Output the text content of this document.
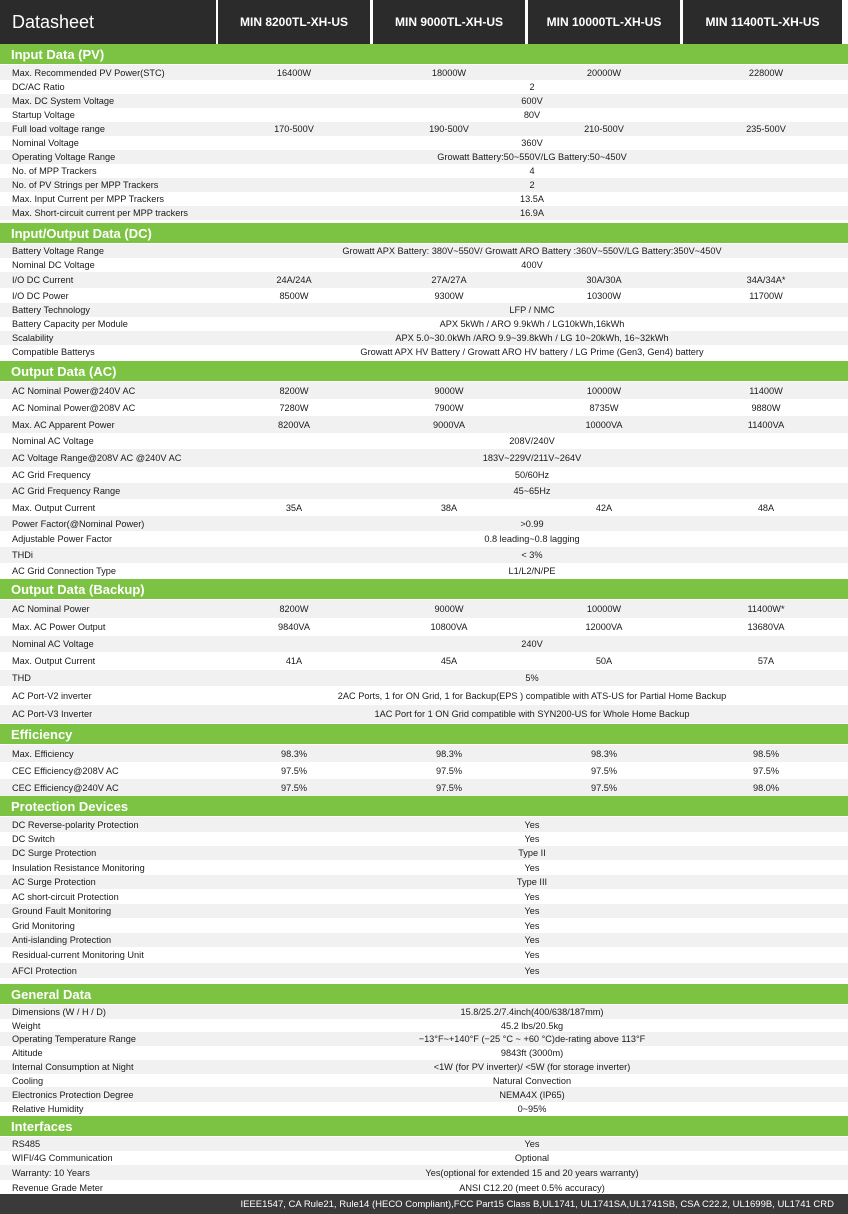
Datasheet	MIN 8200TL-XH-US	MIN 9000TL-XH-US	MIN 10000TL-XH-US	MIN 11400TL-XH-US
Input Data (PV)
Max. Recommended PV Power(STC)	16400W	18000W	20000W	22800W
DC/AC Ratio	2
Max. DC System Voltage	600V
Startup Voltage	80V
Full load voltage range	170-500V	190-500V	210-500V	235-500V
Nominal Voltage	360V
Operating Voltage Range	Growatt Battery:50~550V/LG Battery:50~450V
No. of MPP Trackers	4
No. of PV Strings per MPP Trackers	2
Max. Input Current per MPP Trackers	13.5A
Max. Short-circuit current per MPP trackers	16.9A
Input/Output Data (DC)
Battery Voltage Range	Growatt APX Battery: 380V~550V/ Growatt ARO Battery :360V~550V/LG Battery:350V~450V
Nominal DC Voltage	400V
I/O DC Current	24A/24A	27A/27A	30A/30A	34A/34A*
I/O DC Power	8500W	9300W	10300W	11700W
Battery Technology	LFP / NMC
Battery Capacity per Module	APX 5kWh / ARO 9.9kWh / LG10kWh,16kWh
Scalability	APX 5.0~30.0kWh /ARO 9.9~39.8kWh / LG 10~20kWh, 16~32kWh
Compatible Batterys	Growatt APX HV Battery / Growatt ARO HV battery / LG Prime (Gen3, Gen4) battery
Output Data (AC)
AC Nominal Power@240V AC	8200W	9000W	10000W	11400W
AC Nominal Power@208V AC	7280W	7900W	8735W	9880W
Max. AC Apparent Power	8200VA	9000VA	10000VA	11400VA
Nominal AC Voltage	208V/240V
AC Voltage Range@208V AC @240V AC	183V~229V/211V~264V
AC Grid Frequency	50/60Hz
AC Grid Frequency Range	45~65Hz
Max. Output Current	35A	38A	42A	48A
Power Factor(@Nominal Power)	>0.99
Adjustable Power Factor	0.8 leading~0.8 lagging
THDi	< 3%
AC Grid Connection Type	L1/L2/N/PE
Output Data (Backup)
AC Nominal Power	8200W	9000W	10000W	11400W*
Max. AC Power Output	9840VA	10800VA	12000VA	13680VA
Nominal AC Voltage	240V
Max. Output Current	41A	45A	50A	57A
THD	5%
AC Port-V2 inverter	2AC Ports, 1 for ON Grid, 1 for Backup(EPS ) compatible with ATS-US for Partial Home Backup
AC Port-V3 Inverter	1AC Port for 1 ON Grid compatible with SYN200-US for Whole Home Backup
Efficiency
Max. Efficiency	98.3%	98.3%	98.3%	98.5%
CEC Efficiency@208V AC	97.5%	97.5%	97.5%	97.5%
CEC Efficiency@240V AC	97.5%	97.5%	97.5%	98.0%
Protection Devices
DC Reverse-polarity Protection	Yes
DC Switch	Yes
DC Surge Protection	Type II
Insulation Resistance Monitoring	Yes
AC Surge Protection	Type III
AC short-circuit Protection	Yes
Ground Fault Monitoring	Yes
Grid Monitoring	Yes
Anti-islanding Protection	Yes
Residual-current Monitoring Unit	Yes
AFCI Protection	Yes
General Data
Dimensions (W / H / D)	15.8/25.2/7.4inch(400/638/187mm)
Weight	45.2 lbs/20.5kg
Operating Temperature Range	−13°F~+140°F (−25 °C ~ +60 °C)de-rating above 113°F
Altitude	9843ft (3000m)
Internal Consumption at Night	<1W (for PV inverter)/ <5W (for storage inverter)
Cooling	Natural Convection
Electronics Protection Degree	NEMA4X (IP65)
Relative Humidity	0~95%
Interfaces
RS485	Yes
WIFI/4G Communication	Optional
Warranty: 10 Years	Yes(optional for extended 15 and 20 years warranty)
Revenue Grade Meter	ANSI C12.20 (meet 0.5% accuracy)
IEEE1547, CA Rule21, Rule14 (HECO Compliant),FCC Part15 Class B,UL1741, UL1741SA,UL1741SB, CSA C22.2, UL1699B, UL1741 CRD
